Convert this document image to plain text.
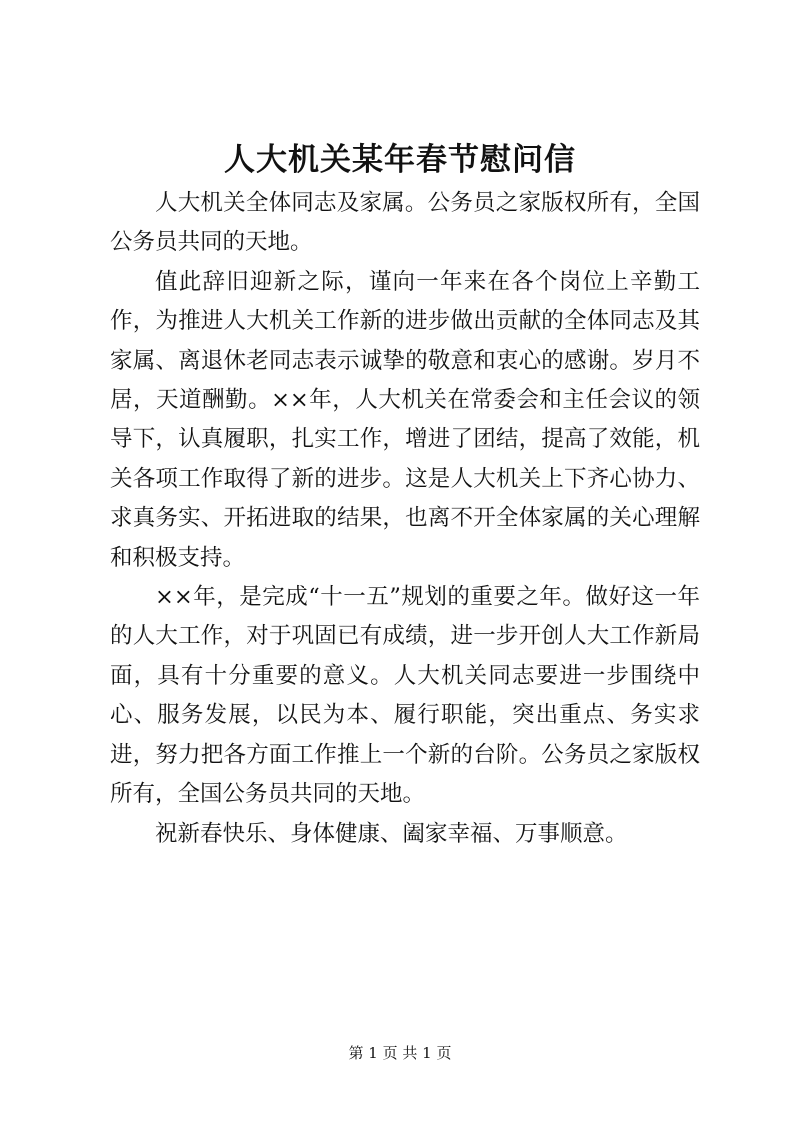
人大机关某年春节慰问信

人大机关全体同志及家属。公务员之家版权所有，全国公务员共同的天地。

值此辞旧迎新之际，谨向一年来在各个岗位上辛勤工作，为推进人大机关工作新的进步做出贡献的全体同志及其家属、离退休老同志表示诚挚的敬意和衷心的感谢。岁月不居，天道酬勤。××年，人大机关在常委会和主任会议的领导下，认真履职，扎实工作，增进了团结，提高了效能，机关各项工作取得了新的进步。这是人大机关上下齐心协力、求真务实、开拓进取的结果，也离不开全体家属的关心理解和积极支持。

××年，是完成“十一五”规划的重要之年。做好这一年的人大工作，对于巩固已有成绩，进一步开创人大工作新局面，具有十分重要的意义。人大机关同志要进一步围绕中心、服务发展，以民为本、履行职能，突出重点、务实求进，努力把各方面工作推上一个新的台阶。公务员之家版权所有，全国公务员共同的天地。

祝新春快乐、身体健康、阖家幸福、万事顺意。

第 1 页 共 1 页
